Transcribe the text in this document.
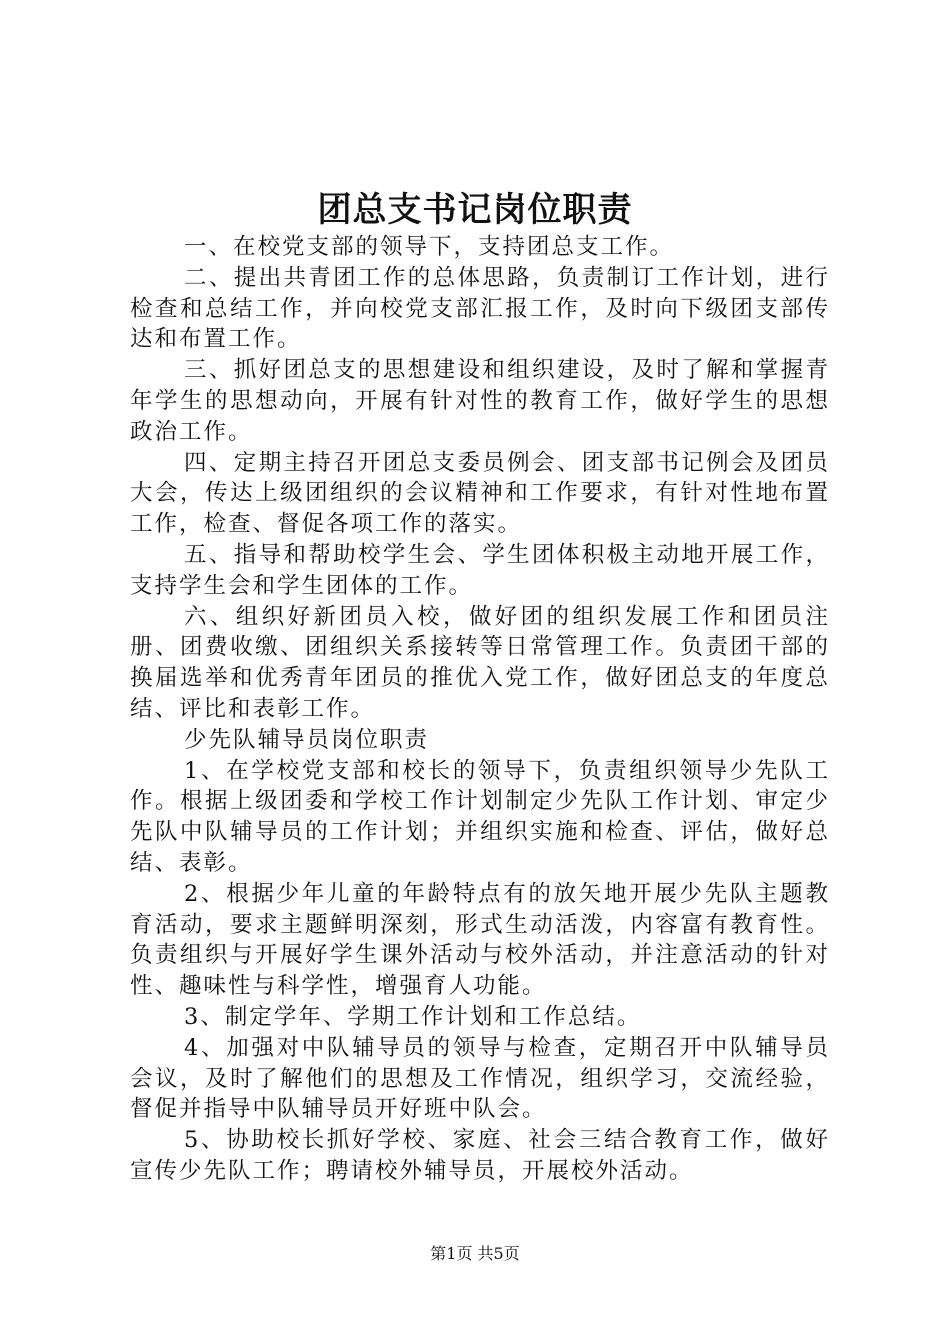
团总支书记岗位职责

一、在校党支部的领导下，支持团总支工作。

二、提出共青团工作的总体思路，负责制订工作计划，进行检查和总结工作，并向校党支部汇报工作，及时向下级团支部传达和布置工作。

三、抓好团总支的思想建设和组织建设，及时了解和掌握青年学生的思想动向，开展有针对性的教育工作，做好学生的思想政治工作。

四、定期主持召开团总支委员例会、团支部书记例会及团员大会，传达上级团组织的会议精神和工作要求，有针对性地布置工作，检查、督促各项工作的落实。

五、指导和帮助校学生会、学生团体积极主动地开展工作，支持学生会和学生团体的工作。

六、组织好新团员入校，做好团的组织发展工作和团员注册、团费收缴、团组织关系接转等日常管理工作。负责团干部的换届选举和优秀青年团员的推优入党工作，做好团总支的年度总结、评比和表彰工作。

少先队辅导员岗位职责

1、在学校党支部和校长的领导下，负责组织领导少先队工作。根据上级团委和学校工作计划制定少先队工作计划、审定少先队中队辅导员的工作计划；并组织实施和检查、评估，做好总结、表彰。

2、根据少年儿童的年龄特点有的放矢地开展少先队主题教育活动，要求主题鲜明深刻，形式生动活泼，内容富有教育性。负责组织与开展好学生课外活动与校外活动，并注意活动的针对性、趣味性与科学性，增强育人功能。

3、制定学年、学期工作计划和工作总结。

4、加强对中队辅导员的领导与检查，定期召开中队辅导员会议，及时了解他们的思想及工作情况，组织学习，交流经验，督促并指导中队辅导员开好班中队会。

5、协助校长抓好学校、家庭、社会三结合教育工作，做好宣传少先队工作；聘请校外辅导员，开展校外活动。

第1页 共5页
